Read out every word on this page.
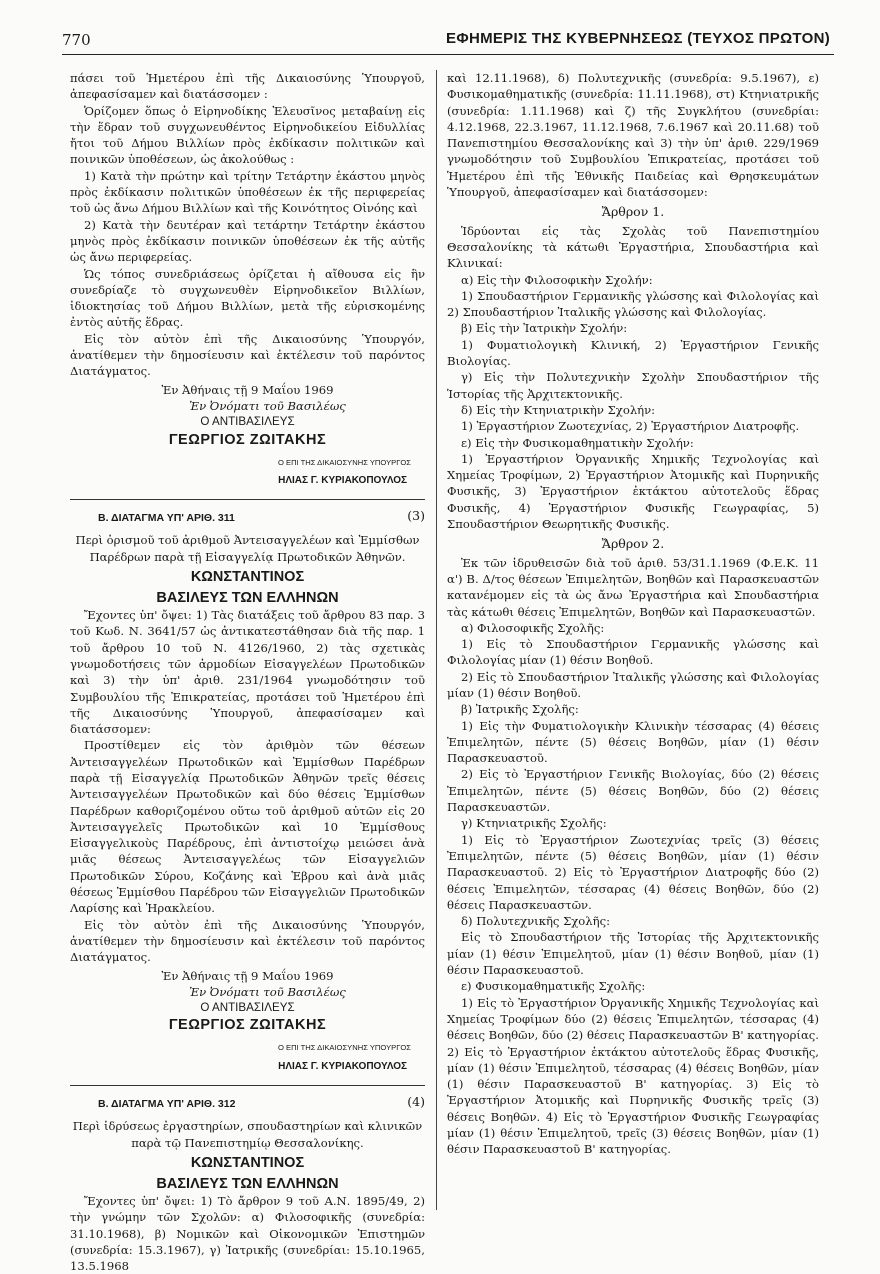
770	ΕΦΗΜΕΡΙΣ ΤΗΣ ΚΥΒΕΡΝΗΣΕΩΣ (ΤΕΥΧΟΣ ΠΡΩΤΟΝ)

πάσει τοῦ Ἡμετέρου ἐπὶ τῆς Δικαιοσύνης Ὑπουργοῦ, ἀπεφασίσαμεν καὶ διατάσσομεν :

Ὁρίζομεν ὅπως ὁ Εἰρηνοδίκης Ἐλευσῖνος μεταβαίνῃ εἰς τὴν ἕδραν τοῦ συγχωνευθέντος Εἰρηνοδικείου Εἰδυλλίας ἤτοι τοῦ Δήμου Βιλλίων πρὸς ἐκδίκασιν πολιτικῶν καὶ ποινικῶν ὑποθέσεων, ὡς ἀκολούθως :

1) Κατὰ τὴν πρώτην καὶ τρίτην Τετάρτην ἑκάστου μηνὸς πρὸς ἐκδίκασιν πολιτικῶν ὑποθέσεων ἐκ τῆς περιφερείας τοῦ ὡς ἄνω Δήμου Βιλλίων καὶ τῆς Κοινότητος Οἰνόης καὶ

2) Κατὰ τὴν δευτέραν καὶ τετάρτην Τετάρτην ἑκάστου μηνὸς πρὸς ἐκδίκασιν ποινικῶν ὑποθέσεων ἐκ τῆς αὐτῆς ὡς ἄνω περιφερείας.

Ὡς τόπος συνεδριάσεως ὁρίζεται ἡ αἴθουσα εἰς ἣν συνεδρίαζε τὸ συγχωνευθὲν Εἰρηνοδικεῖον Βιλλίων, ἰδιοκτησίας τοῦ Δήμου Βιλλίων, μετὰ τῆς εὑρισκομένης ἐντὸς αὐτῆς ἕδρας.

Εἰς τὸν αὐτὸν ἐπὶ τῆς Δικαιοσύνης Ὑπουργόν, ἀνατίθεμεν τὴν δημοσίευσιν καὶ ἐκτέλεσιν τοῦ παρόντος Διατάγματος.

Ἐν Ἀθήναις τῇ 9 Μαΐου 1969
Ἐν Ὀνόματι τοῦ Βασιλέως
Ο ΑΝΤΙΒΑΣΙΛΕΥΣ
ΓΕΩΡΓΙΟΣ ΖΩΙΤΑΚΗΣ
Ο ΕΠΙ ΤΗΣ ΔΙΚΑΙΟΣΥΝΗΣ ΥΠΟΥΡΓΟΣ
ΗΛΙΑΣ Γ. ΚΥΡΙΑΚΟΠΟΥΛΟΣ
Β. ΔΙΑΤΑΓΜΑ ΥΠ' ΑΡΙΘ. 311	(3)
Περὶ ὁρισμοῦ τοῦ ἀριθμοῦ Ἀντεισαγγελέων καὶ Ἐμμίσθων Παρέδρων παρὰ τῇ Εἰσαγγελίᾳ Πρωτοδικῶν Ἀθηνῶν.
ΚΩΝΣΤΑΝΤΙΝΟΣ
ΒΑΣΙΛΕΥΣ ΤΩΝ ΕΛΛΗΝΩΝ

Ἔχοντες ὑπ' ὄψει: 1) Τὰς διατάξεις τοῦ ἄρθρου 83 παρ. 3 τοῦ Κωδ. Ν. 3641/57 ὡς ἀντικατεστάθησαν διὰ τῆς παρ. 1 τοῦ ἄρθρου 10 τοῦ Ν. 4126/1960, 2) τὰς σχετικὰς γνωμοδοτήσεις τῶν ἁρμοδίων Εἰσαγγελέων Πρωτοδικῶν καὶ 3) τὴν ὑπ' ἀριθ. 231/1964 γνωμοδότησιν τοῦ Συμβουλίου τῆς Ἐπικρατείας, προτάσει τοῦ Ἡμετέρου ἐπὶ τῆς Δικαιοσύνης Ὑπουργοῦ, ἀπεφασίσαμεν καὶ διατάσσομεν:

Προστίθεμεν εἰς τὸν ἀριθμὸν τῶν θέσεων Ἀντεισαγγελέων Πρωτοδικῶν καὶ Ἐμμίσθων Παρέδρων παρὰ τῇ Εἰσαγγελίᾳ Πρωτοδικῶν Ἀθηνῶν τρεῖς θέσεις Ἀντεισαγγελέων Πρωτοδικῶν καὶ δύο θέσεις Ἐμμίσθων Παρέδρων καθοριζομένου οὕτω τοῦ ἀριθμοῦ αὐτῶν εἰς 20 Ἀντεισαγγελεῖς Πρωτοδικῶν καὶ 10 Ἐμμίσθους Εἰσαγγελικοὺς Παρέδρους, ἐπὶ ἀντιστοίχῳ μειώσει ἀνὰ μιᾶς θέσεως Ἀντεισαγγελέως τῶν Εἰσαγγελιῶν Πρωτοδικῶν Σύρου, Κοζάνης καὶ Ἑβρου καὶ ἀνὰ μιᾶς θέσεως Ἐμμίσθου Παρέδρου τῶν Εἰσαγγελιῶν Πρωτοδικῶν Λαρίσης καὶ Ἡρακλείου.

Εἰς τὸν αὐτὸν ἐπὶ τῆς Δικαιοσύνης Ὑπουργόν, ἀνατίθεμεν τὴν δημοσίευσιν καὶ ἐκτέλεσιν τοῦ παρόντος Διατάγματος.

Ἐν Ἀθήναις τῇ 9 Μαΐου 1969
Ἐν Ὀνόματι τοῦ Βασιλέως
Ο ΑΝΤΙΒΑΣΙΛΕΥΣ
ΓΕΩΡΓΙΟΣ ΖΩΙΤΑΚΗΣ
Ο ΕΠΙ ΤΗΣ ΔΙΚΑΙΟΣΥΝΗΣ ΥΠΟΥΡΓΟΣ
ΗΛΙΑΣ Γ. ΚΥΡΙΑΚΟΠΟΥΛΟΣ
Β. ΔΙΑΤΑΓΜΑ ΥΠ' ΑΡΙΘ. 312	(4)
Περὶ ἱδρύσεως ἐργαστηρίων, σπουδαστηρίων καὶ κλινικῶν παρὰ τῷ Πανεπιστημίῳ Θεσσαλονίκης.
ΚΩΝΣΤΑΝΤΙΝΟΣ
ΒΑΣΙΛΕΥΣ ΤΩΝ ΕΛΛΗΝΩΝ

Ἔχοντες ὑπ' ὄψει: 1) Τὸ ἄρθρον 9 τοῦ Α.Ν. 1895/49, 2) τὴν γνώμην τῶν Σχολῶν: α) Φιλοσοφικῆς (συνεδρία: 31.10.1968), β) Νομικῶν καὶ Οἰκονομικῶν Ἐπιστημῶν (συνεδρία: 15.3.1967), γ) Ἰατρικῆς (συνεδρίαι: 15.10.1965, 13.5.1968

καὶ 12.11.1968), δ) Πολυτεχνικῆς (συνεδρία: 9.5.1967), ε) Φυσικομαθηματικῆς (συνεδρία: 11.11.1968), στ) Κτηνιατρικῆς (συνεδρία: 1.11.1968) καὶ ζ) τῆς Συγκλήτου (συνεδρίαι: 4.12.1968, 22.3.1967, 11.12.1968, 7.6.1967 καὶ 20.11.68) τοῦ Πανεπιστημίου Θεσσαλονίκης καὶ 3) τὴν ὑπ' ἀριθ. 229/1969 γνωμοδότησιν τοῦ Συμβουλίου Ἐπικρατείας, προτάσει τοῦ Ἡμετέρου ἐπὶ τῆς Ἐθνικῆς Παιδείας καὶ Θρησκευμάτων Ὑπουργοῦ, ἀπεφασίσαμεν καὶ διατάσσομεν:

Ἄρθρον 1.

Ἱδρύονται εἰς τὰς Σχολὰς τοῦ Πανεπιστημίου Θεσσαλονίκης τὰ κάτωθι Ἐργαστήρια, Σπουδαστήρια καὶ Κλινικαί:

α) Εἰς τὴν Φιλοσοφικὴν Σχολήν:

1) Σπουδαστήριον Γερμανικῆς γλώσσης καὶ Φιλολογίας καὶ 2) Σπουδαστήριον Ἰταλικῆς γλώσσης καὶ Φιλολογίας.

β) Εἰς τὴν Ἰατρικὴν Σχολήν:

1) Φυματιολογικὴ Κλινική, 2) Ἐργαστήριον Γενικῆς Βιολογίας.

γ) Εἰς τὴν Πολυτεχνικὴν Σχολὴν Σπουδαστήριον τῆς Ἱστορίας τῆς Ἀρχιτεκτονικῆς.

δ) Εἰς τὴν Κτηνιατρικὴν Σχολήν:

1) Ἐργαστήριον Ζωοτεχνίας, 2) Ἐργαστήριον Διατροφῆς.

ε) Εἰς τὴν Φυσικομαθηματικὴν Σχολήν:

1) Ἐργαστήριον Ὀργανικῆς Χημικῆς Τεχνολογίας καὶ Χημείας Τροφίμων, 2) Ἐργαστήριον Ἀτομικῆς καὶ Πυρηνικῆς Φυσικῆς, 3) Ἐργαστήριον ἐκτάκτου αὐτοτελοῦς ἕδρας Φυσικῆς, 4) Ἐργαστήριον Φυσικῆς Γεωγραφίας, 5) Σπουδαστήριον Θεωρητικῆς Φυσικῆς.

Ἄρθρον 2.

Ἐκ τῶν ἱδρυθεισῶν διὰ τοῦ ἀριθ. 53/31.1.1969 (Φ.Ε.Κ. 11 α') Β. Δ/τος θέσεων Ἐπιμελητῶν, Βοηθῶν καὶ Παρασκευαστῶν κατανέμομεν εἰς τὰ ὡς ἄνω Ἐργαστήρια καὶ Σπουδαστήρια τὰς κάτωθι θέσεις Ἐπιμελητῶν, Βοηθῶν καὶ Παρασκευαστῶν.

α) Φιλοσοφικῆς Σχολῆς:

1) Εἰς τὸ Σπουδαστήριον Γερμανικῆς γλώσσης καὶ Φιλολογίας μίαν (1) θέσιν Βοηθοῦ.

2) Εἰς τὸ Σπουδαστήριον Ἰταλικῆς γλώσσης καὶ Φιλολογίας μίαν (1) θέσιν Βοηθοῦ.

β) Ἰατρικῆς Σχολῆς:

1) Εἰς τὴν Φυματιολογικὴν Κλινικὴν τέσσαρας (4) θέσεις Ἐπιμελητῶν, πέντε (5) θέσεις Βοηθῶν, μίαν (1) θέσιν Παρασκευαστοῦ.

2) Εἰς τὸ Ἐργαστήριον Γενικῆς Βιολογίας, δύο (2) θέσεις Ἐπιμελητῶν, πέντε (5) θέσεις Βοηθῶν, δύο (2) θέσεις Παρασκευαστῶν.

γ) Κτηνιατρικῆς Σχολῆς:

1) Εἰς τὸ Ἐργαστήριον Ζωοτεχνίας τρεῖς (3) θέσεις Ἐπιμελητῶν, πέντε (5) θέσεις Βοηθῶν, μίαν (1) θέσιν Παρασκευαστοῦ. 2) Εἰς τὸ Ἐργαστήριον Διατροφῆς δύο (2) θέσεις Ἐπιμελητῶν, τέσσαρας (4) θέσεις Βοηθῶν, δύο (2) θέσεις Παρασκευαστῶν.

δ) Πολυτεχνικῆς Σχολῆς:

Εἰς τὸ Σπουδαστήριον τῆς Ἱστορίας τῆς Ἀρχιτεκτονικῆς μίαν (1) θέσιν Ἐπιμελητοῦ, μίαν (1) θέσιν Βοηθοῦ, μίαν (1) θέσιν Παρασκευαστοῦ.

ε) Φυσικομαθηματικῆς Σχολῆς:

1) Εἰς τὸ Ἐργαστήριον Ὀργανικῆς Χημικῆς Τεχνολογίας καὶ Χημείας Τροφίμων δύο (2) θέσεις Ἐπιμελητῶν, τέσσαρας (4) θέσεις Βοηθῶν, δύο (2) θέσεις Παρασκευαστῶν Β' κατηγορίας. 2) Εἰς τὸ Ἐργαστήριον ἐκτάκτου αὐτοτελοῦς ἕδρας Φυσικῆς, μίαν (1) θέσιν Ἐπιμελητοῦ, τέσσαρας (4) θέσεις Βοηθῶν, μίαν (1) θέσιν Παρασκευαστοῦ Β' κατηγορίας. 3) Εἰς τὸ Ἐργαστήριον Ἀτομικῆς καὶ Πυρηνικῆς Φυσικῆς τρεῖς (3) θέσεις Βοηθῶν. 4) Εἰς τὸ Ἐργαστήριον Φυσικῆς Γεωγραφίας μίαν (1) θέσιν Ἐπιμελητοῦ, τρεῖς (3) θέσεις Βοηθῶν, μίαν (1) θέσιν Παρασκευαστοῦ Β' κατηγορίας.
